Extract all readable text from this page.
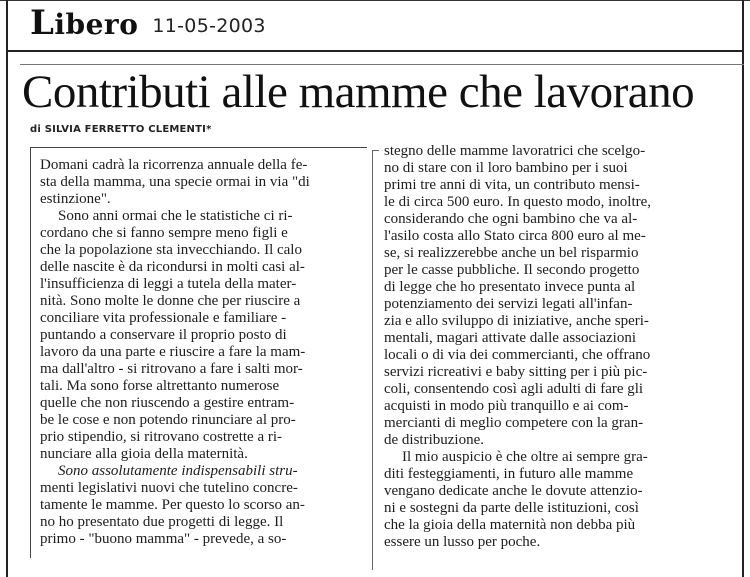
Libero 11-05-2003
Contributi alle mamme che lavorano
di SILVIA FERRETTO CLEMENTI*
Domani cadrà la ricorrenza annuale della fe-
sta della mamma, una specie ormai in via "di
estinzione".
Sono anni ormai che le statistiche ci ri-
cordano che si fanno sempre meno figli e
che la popolazione sta invecchiando. Il calo
delle nascite è da ricondursi in molti casi al-
l'insufficienza di leggi a tutela della mater-
nità. Sono molte le donne che per riuscire a
conciliare vita professionale e familiare -
puntando a conservare il proprio posto di
lavoro da una parte e riuscire a fare la mam-
ma dall'altro - si ritrovano a fare i salti mor-
tali. Ma sono forse altrettanto numerose
quelle che non riuscendo a gestire entram-
be le cose e non potendo rinunciare al pro-
prio stipendio, si ritrovano costrette a ri-
nunciare alla gioia della maternità.
Sono assolutamente indispensabili stru-
menti legislativi nuovi che tutelino concre-
tamente le mamme. Per questo lo scorso an-
no ho presentato due progetti di legge. Il
primo - "buono mamma" - prevede, a so-
stegno delle mamme lavoratrici che scelgo-
no di stare con il loro bambino per i suoi
primi tre anni di vita, un contributo mensi-
le di circa 500 euro. In questo modo, inoltre,
considerando che ogni bambino che va al-
l'asilo costa allo Stato circa 800 euro al me-
se, si realizzerebbe anche un bel risparmio
per le casse pubbliche. Il secondo progetto
di legge che ho presentato invece punta al
potenziamento dei servizi legati all'infan-
zia e allo sviluppo di iniziative, anche speri-
mentali, magari attivate dalle associazioni
locali o di via dei commercianti, che offrano
servizi ricreativi e baby sitting per i più pic-
coli, consentendo così agli adulti di fare gli
acquisti in modo più tranquillo e ai com-
mercianti di meglio competere con la gran-
de distribuzione.
Il mio auspicio è che oltre ai sempre gra-
diti festeggiamenti, in futuro alle mamme
vengano dedicate anche le dovute attenzio-
ni e sostegni da parte delle istituzioni, così
che la gioia della maternità non debba più
essere un lusso per poche.
